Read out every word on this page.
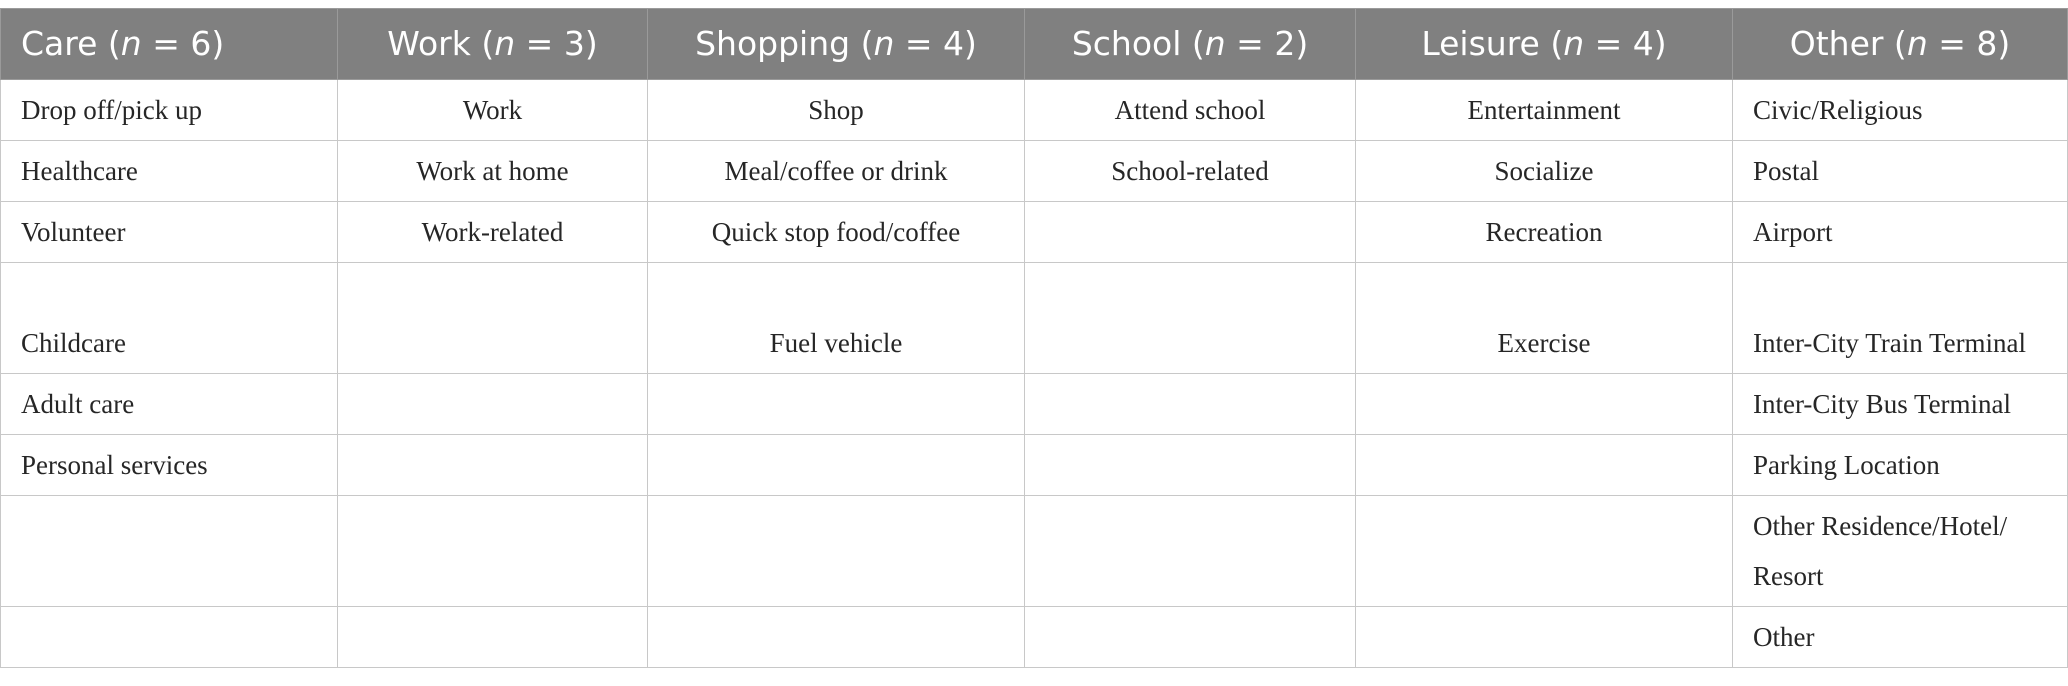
Care (n = 6)	Work (n = 3)	Shopping (n = 4)	School (n = 2)	Leisure (n = 4)	Other (n = 8)
Drop off/pick up	Work	Shop	Attend school	Entertainment	Civic/Religious
Healthcare	Work at home	Meal/coffee or drink	School-related	Socialize	Postal
Volunteer	Work-related	Quick stop food/coffee		Recreation	Airport
Childcare		Fuel vehicle		Exercise	Inter-City Train Terminal
Adult care					Inter-City Bus Terminal
Personal services					Parking Location
					Other Residence/Hotel/ Resort
					Other
